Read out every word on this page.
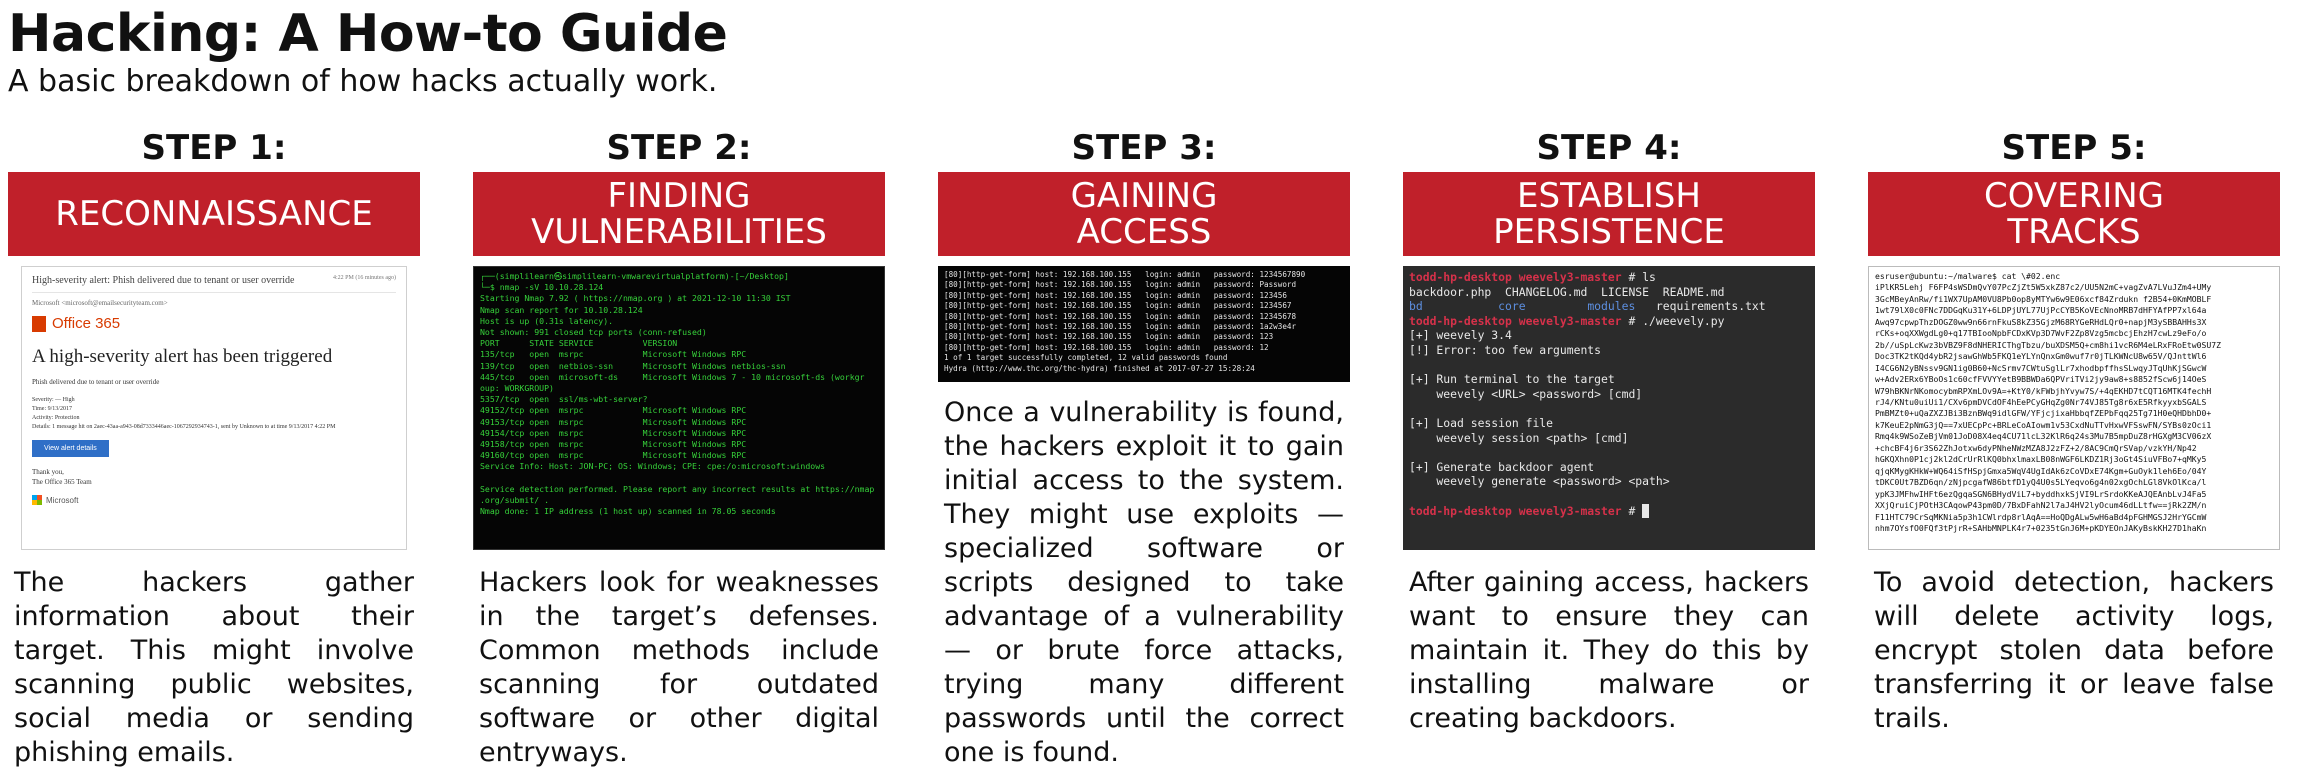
Hacking: A How-to Guide
A basic breakdown of how hacks actually work.
STEP 1:
RECONNAISSANCE
High-severity alert: Phish delivered due to tenant or user override	4:22 PM (16 minutes ago)
Microsoft <microsoft@emailsecurityteam.com>
Office 365
A high-severity alert has been triggered
Phish delivered due to tenant or user override
Severity: — High
Time: 9/13/2017
Activity: Protection
Details: 1 message hit on 2aec-43aa-a943-08d7333446aec-1067292934743-1, sent by Unknown to at time 9/13/2017 4:22 PM
View alert details
Thank you,
The Office 365 Team
Microsoft
The hackers gather information about their target. This might involve scanning public websites, social media or sending phishing emails.
STEP 2:
FINDING
VULNERABILITIES
┌──(simplilearn㉿simplilearn-vmwarevirtualplatform)-[~/Desktop]
└─$ nmap -sV 10.10.28.124
Starting Nmap 7.92 ( https://nmap.org ) at 2021-12-10 11:30 IST
Nmap scan report for 10.10.28.124
Host is up (0.31s latency).
Not shown: 991 closed tcp ports (conn-refused)
PORT      STATE SERVICE          VERSION
135/tcp   open  msrpc            Microsoft Windows RPC
139/tcp   open  netbios-ssn      Microsoft Windows netbios-ssn
445/tcp   open  microsoft-ds     Microsoft Windows 7 - 10 microsoft-ds (workgr
oup: WORKGROUP)
5357/tcp  open  ssl/ms-wbt-server?
49152/tcp open  msrpc            Microsoft Windows RPC
49153/tcp open  msrpc            Microsoft Windows RPC
49154/tcp open  msrpc            Microsoft Windows RPC
49158/tcp open  msrpc            Microsoft Windows RPC
49160/tcp open  msrpc            Microsoft Windows RPC
Service Info: Host: JON-PC; OS: Windows; CPE: cpe:/o:microsoft:windows

Service detection performed. Please report any incorrect results at https://nmap
.org/submit/ .
Nmap done: 1 IP address (1 host up) scanned in 78.05 seconds
Hackers look for weaknesses in the target’s defenses. Common methods include scanning for outdated software or other digital entryways.
STEP 3:
GAINING
ACCESS
[80][http-get-form] host: 192.168.100.155   login: admin   password: 1234567890
[80][http-get-form] host: 192.168.100.155   login: admin   password: Password
[80][http-get-form] host: 192.168.100.155   login: admin   password: 123456
[80][http-get-form] host: 192.168.100.155   login: admin   password: 1234567
[80][http-get-form] host: 192.168.100.155   login: admin   password: 12345678
[80][http-get-form] host: 192.168.100.155   login: admin   password: 1a2w3e4r
[80][http-get-form] host: 192.168.100.155   login: admin   password: 123
[80][http-get-form] host: 192.168.100.155   login: admin   password: 12
1 of 1 target successfully completed, 12 valid passwords found
Hydra (http://www.thc.org/thc-hydra) finished at 2017-07-27 15:28:24
Once a vulnerability is found, the hackers exploit it to gain initial access to the system. They might use exploits — specialized software or scripts designed to take advantage of a vulnerability — or brute force attacks, trying many different passwords until the correct one is found.
STEP 4:
ESTABLISH
PERSISTENCE
todd-hp-desktop weevely3-master # ls
backdoor.php  CHANGELOG.md  LICENSE  README.md
bd	core	modules requirements.txt
todd-hp-desktop weevely3-master # ./weevely.py
[+] weevely 3.4
[!] Error: too few arguments

[+] Run terminal to the target
weevely <URL> <password> [cmd]

[+] Load session file
weevely session <path> [cmd]

[+] Generate backdoor agent
weevely generate <password> <path>

todd-hp-desktop weevely3-master #
After gaining access, hackers want to ensure they can maintain it. They do this by installing malware or creating backdoors.
STEP 5:
COVERING
TRACKS
esruser@ubuntu:~/malware$ cat \#02.enc
iPlKR5Lehj F6FP4sWSDmQvY07PcZjZt5W5xkZ87c2/UU5N2mC+vagZvA7LVuJZm4+UMy
3GcMBeyAnRw/fi1WX7UpAM0VU8Pb0op8yMTYw6w9E06xcf84Zrdukn f2B54+0KmMOBLF
1wt79lX0c0FNc7DDGqKu31Y+6LDPjUYL77UjPcCYB5KoVEcNnoMRB7dHFYAfPP7xl64a
Awq97cpwpThzDOGZ0ww9n66rnFkuS8kZ35GjzM68RYGeRHdLQr0+napjM3ySBBAHHs3X
rCKs+oqXXWgdLg0+q17TBIooNpbFCDxKVp3D7WvF2Zp8Vzg5mcbcjEhzH7cwLz9eFo/o
2b//uSpLcKwz3bVBZ9F8dNHERICThgTbzu/buXDSM5Q+cm8hi1vcR6M4eLRxFRoEtw0SU7Z
Doc3TK2tKQd4ybR2jsawGhWb5FKQ1eYLYnQnxGm0wuf7r0jTLKWNcU8w65V/QJnttWl6
I4CG6N2yBNssv9GN1ig0B60+NcSrmv7CWtuSglLr7xhodbpffhsSLwqyJTqUhKjSGwcW
w+Adv2ERx6YBoOs1c60cfFVVYYetB9BBWDa6QPVriTVi2jy9aw8+s8852fScw6j14OeS
W79hBKNrNKomocybmRPXmLOv9A=+KtY0/kFWbjhYvyw7S/+4qEKHD7tCQT16MTK4fechH
rJ4/KNtu0uiUi1/CXv6pmDVCdOF4hEePCyGHqZg0Nr74VJ85Tg8r6xE5RfkyyxbSGALS
PmBMZt0+uQaZXZJBi3BznBWq9idlGFW/YFjcjixaHbbqfZEPbFqq25Tg71H0eQHDbhD0+
k7KeuE2pNmG3jQ==7xUECpPc+BRLeCoAIowm1v53CxdNuTTvHxwVFSswFN/SYBs0zOci1
Rmq4k9WSoZeBjVm01JoD08X4eq4CU71lcL32KlR6q24s3Mu7B5mpDuZ8rHGXgM3CV06zX
+chcBF4j6r3S62ZhJotxw6dyPNheNWzMZA8J2zFZ+2/8AC9CmQrSVap/vzkYH/Np42
hGKQXhn0P1cj2kl2dCrUrRlKQ0bhxlmaxLB08nWGF6LKDZ1Rj3oGt4SiuVFBo7+qMKy5
qjqKMygKHkW+WQ64iSfHSpjGmxa5WqV4UgIdAk6zCoVDxE74Kgm+GuOyk1leh6Eo/04Y
tDKC0Ut7BZD6qn/zNjpcgafW86btfD1yQ4U0s5LYeqvo6g4n02xgOchLGl8VkOlKca/l
ypK3JMFhwIHFt6ezQgqaSGN6BHydViL7+byddhxkSjVI9LrSrdoKKeAJQEAnbLvJ4Fa5
XXjQruiCjPOtH3CAqowP43pm0D/7BxDFahN2l7aJ4HV2lyOcum46dLLtfw==jRk2ZM/n
F11HTC79CrSqMKNia5p3h1CWlrdp8rlAqA==HoQDgALw5wH6aBd4pFGHMGSJ2HrYGCmW
nhm7OYsfO0FQf3tPjrR+SAHbMNPLK4r7+0235tGnJ6M+pKDYEOnJAKyBskKH27D1haKn
To avoid detection, hackers will delete activity logs, encrypt stolen data before transferring it or leave false trails.
